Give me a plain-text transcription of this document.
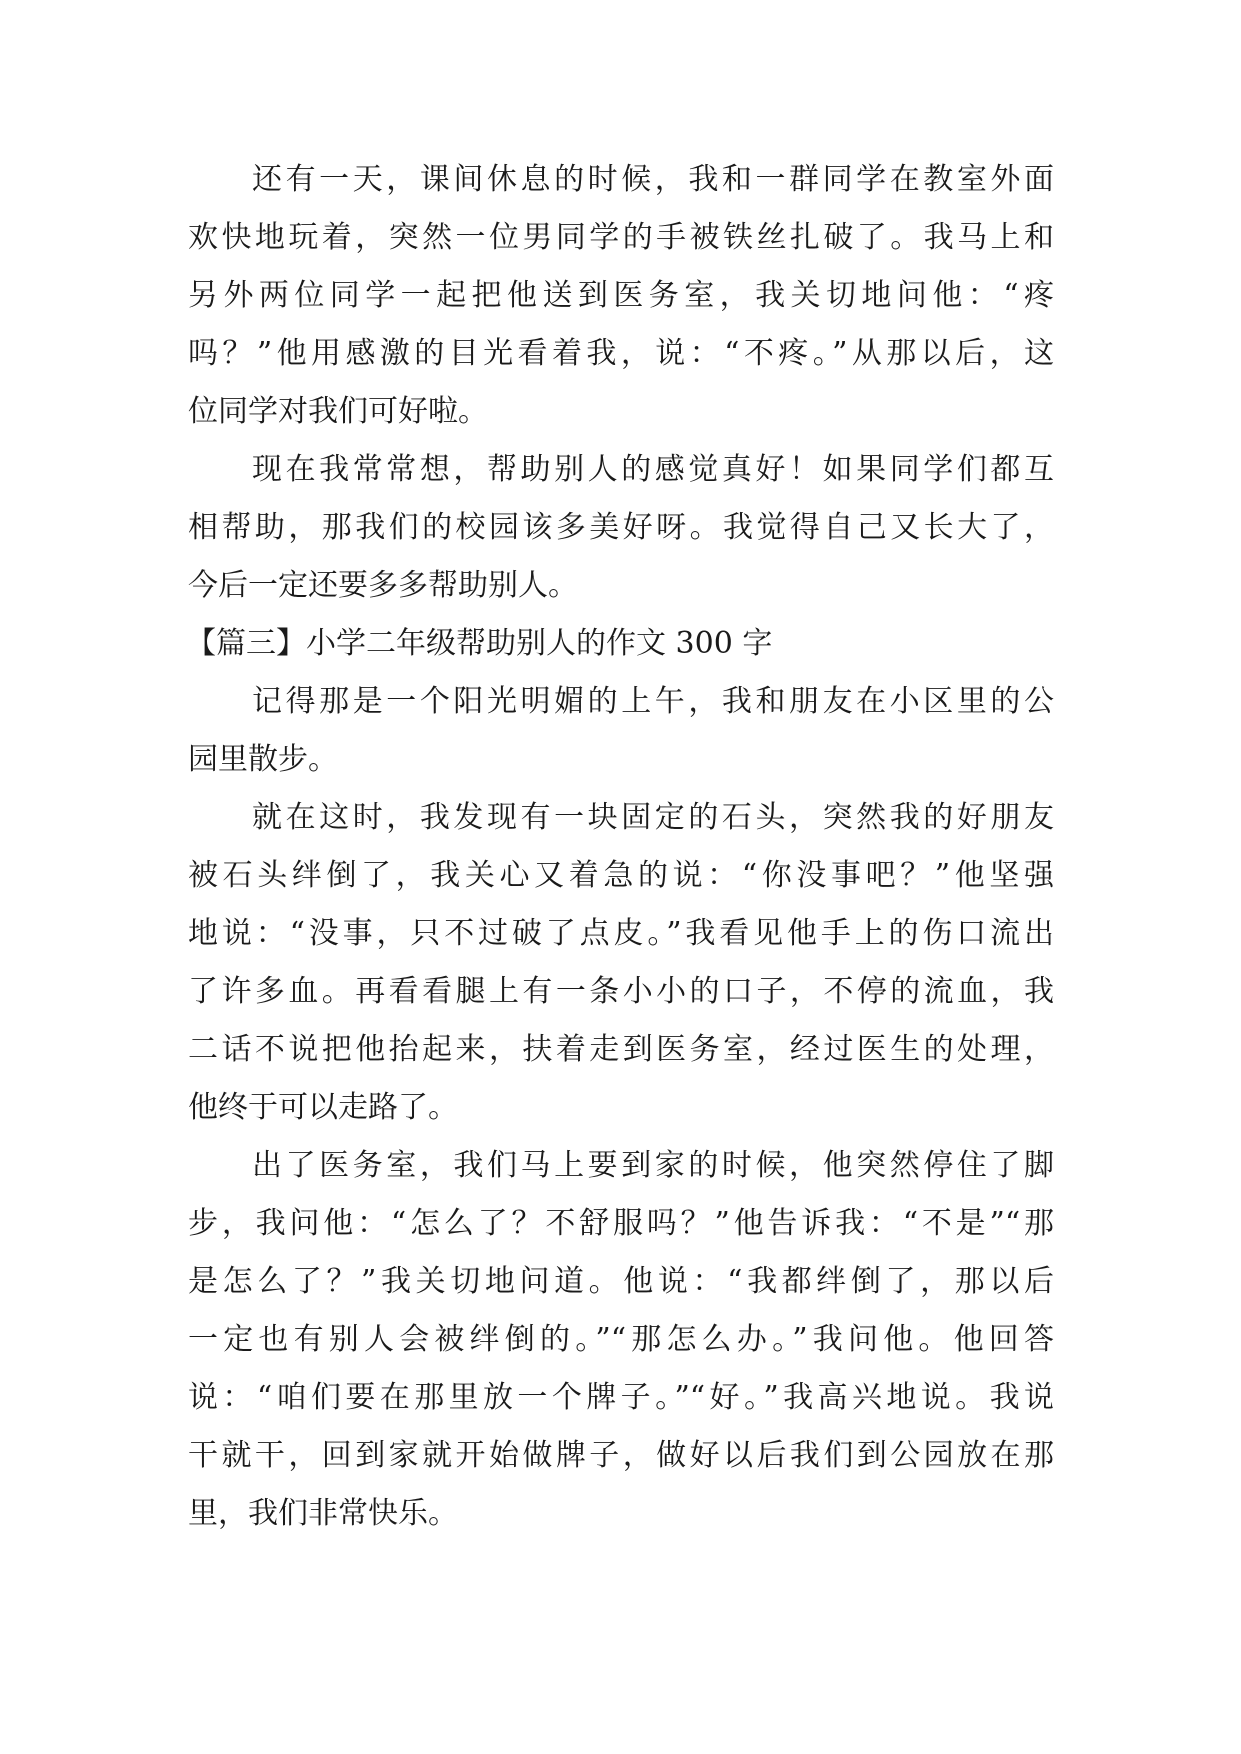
还有一天，课间休息的时候，我和一群同学在教室外面
欢快地玩着，突然一位男同学的手被铁丝扎破了。我马上和
另外两位同学一起把他送到医务室，我关切地问他：“疼
吗？”他用感激的目光看着我，说：“不疼。”从那以后，这
位同学对我们可好啦。
现在我常常想，帮助别人的感觉真好！如果同学们都互
相帮助，那我们的校园该多美好呀。我觉得自己又长大了，
今后一定还要多多帮助别人。
【篇三】小学二年级帮助别人的作文 300 字
记得那是一个阳光明媚的上午，我和朋友在小区里的公
园里散步。
就在这时，我发现有一块固定的石头，突然我的好朋友
被石头绊倒了，我关心又着急的说：“你没事吧？”他坚强
地说：“没事，只不过破了点皮。”我看见他手上的伤口流出
了许多血。再看看腿上有一条小小的口子，不停的流血，我
二话不说把他抬起来，扶着走到医务室，经过医生的处理，
他终于可以走路了。
出了医务室，我们马上要到家的时候，他突然停住了脚
步，我问他：“怎么了？不舒服吗？”他告诉我：“不是”“那
是怎么了？”我关切地问道。他说：“我都绊倒了，那以后
一定也有别人会被绊倒的。”“那怎么办。”我问他。他回答
说：“咱们要在那里放一个牌子。”“好。”我高兴地说。我说
干就干，回到家就开始做牌子，做好以后我们到公园放在那
里，我们非常快乐。
